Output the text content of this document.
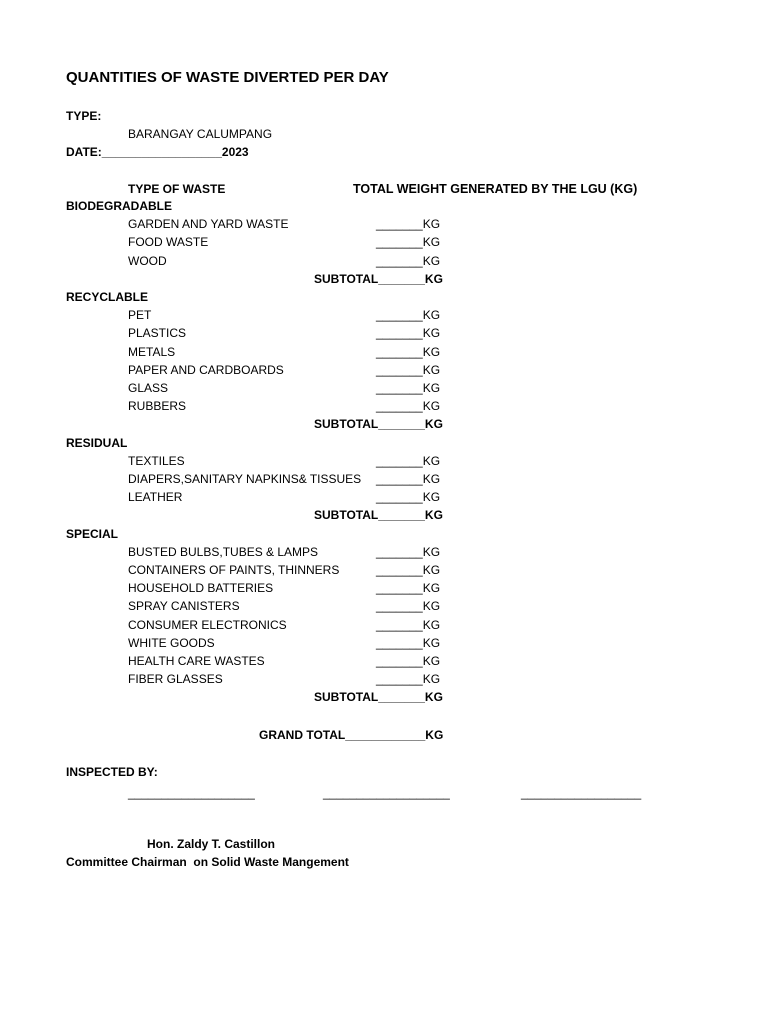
QUANTITIES OF WASTE DIVERTED PER DAY
TYPE:
BARANGAY CALUMPANG
DATE:__________________2023
TYPE OF WASTE	TOTAL WEIGHT GENERATED BY THE LGU (KG)
BIODEGRADABLE
GARDEN AND YARD WASTE	_______KG
FOOD WASTE	_______KG
WOOD	_______KG
SUBTOTAL_______KG
RECYCLABLE
PET	_______KG
PLASTICS	_______KG
METALS	_______KG
PAPER AND CARDBOARDS	_______KG
GLASS	_______KG
RUBBERS	_______KG
SUBTOTAL_______KG
RESIDUAL
TEXTILES	_______KG
DIAPERS,SANITARY NAPKINS& TISSUES _______KG
LEATHER	_______KG
SUBTOTAL_______KG
SPECIAL
BUSTED BULBS,TUBES & LAMPS	_______KG
CONTAINERS OF PAINTS, THINNERS	_______KG
HOUSEHOLD BATTERIES	_______KG
SPRAY CANISTERS	_______KG
CONSUMER ELECTRONICS	_______KG
WHITE GOODS	_______KG
HEALTH CARE WASTES	_______KG
FIBER GLASSES	_______KG
SUBTOTAL_______KG
GRAND TOTAL____________KG
INSPECTED BY:
___________________	___________________	__________________
Hon. Zaldy T. Castillon
Committee Chairman  on Solid Waste Mangement
